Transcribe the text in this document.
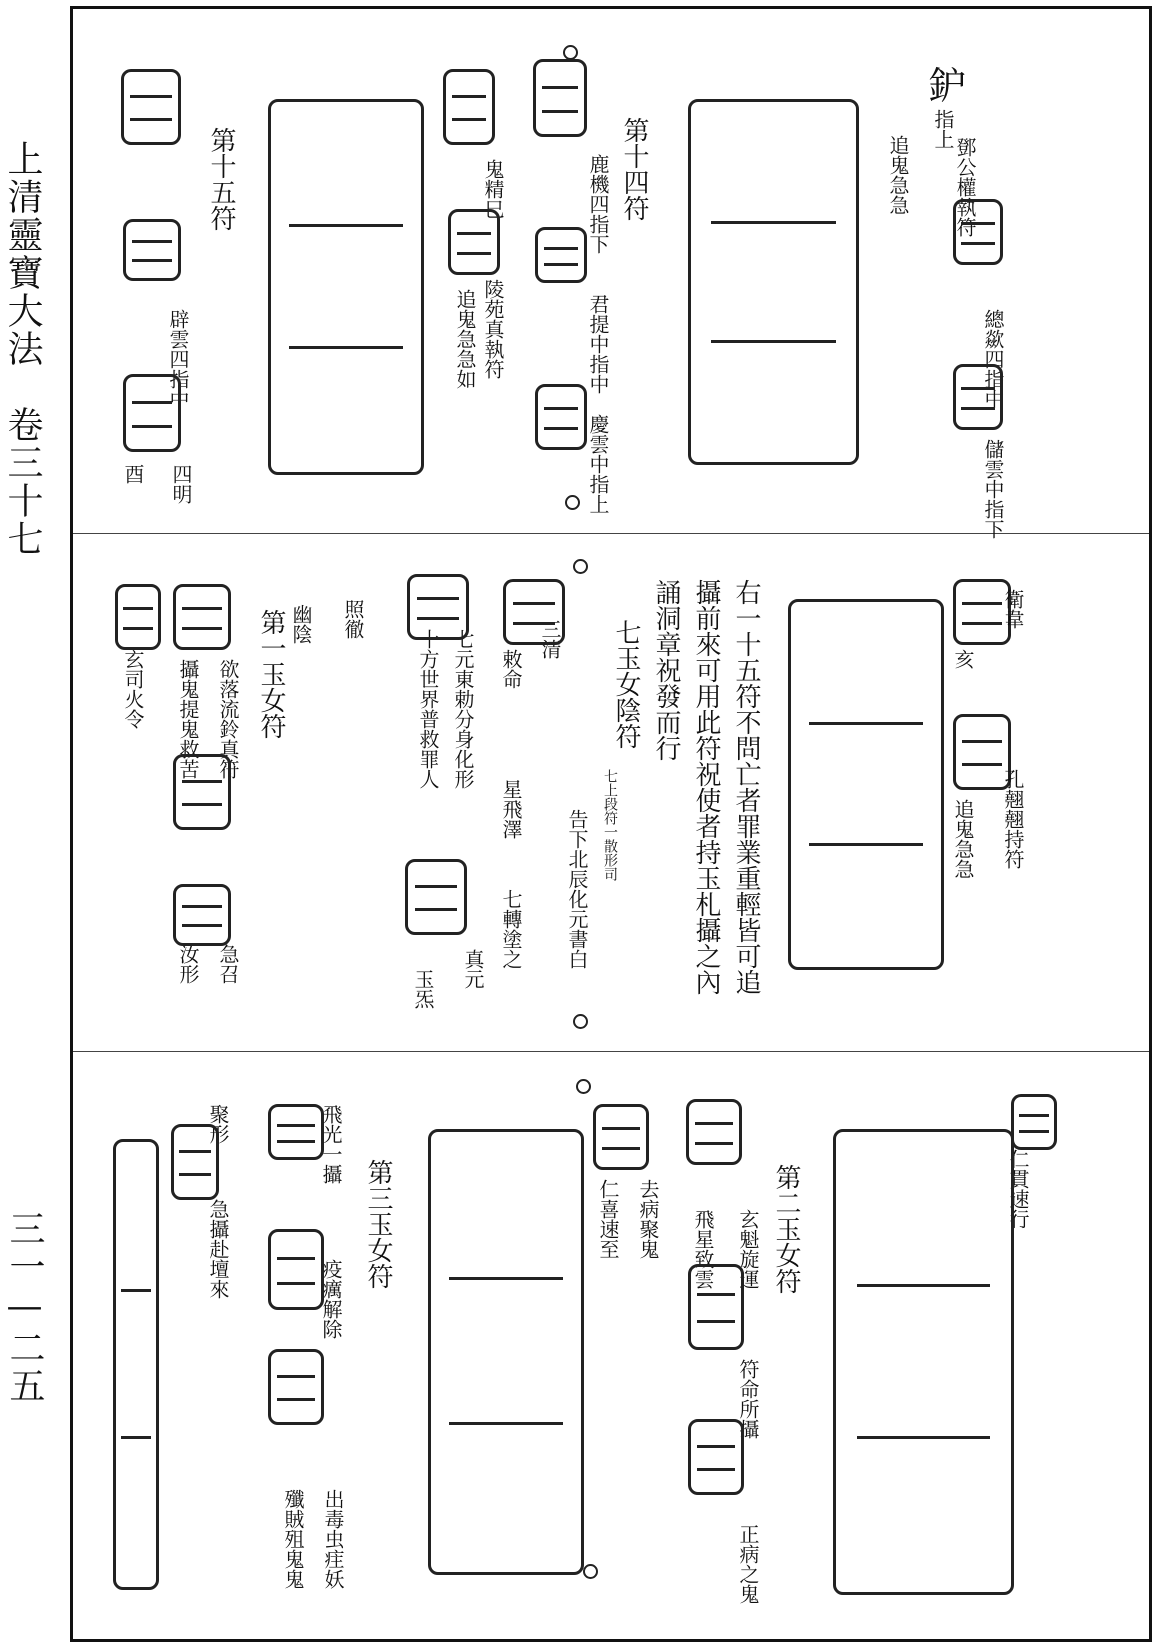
上清靈寶大法　卷三十七
三一—二五
鈩
鄧公權執符
追鬼急急
指上
總歘四指中
儲雲中指下
第十四符
鹿機四指下
君提中指中
慶雲中指上
鬼精巳
陵苑真執符
追鬼急急如
第十五符
辟雲四指中
酉 四明
衛韋
孔翹翹持符
追鬼急急
亥
右一十五符不問亡者罪業重輕皆可追
攝前來可用此符祝使者持玉札攝之內
誦洞章祝發而行
七玉女陰符
七上段符一散形司
三清
敕命
告下北辰化元書白
星飛澤
七轉塗之
七元東勅分身化形
十方世界普救罪人
真元
玉炁
照徹
幽陰
第一玉女符
欲落流鈴真符
攝鬼提鬼救苦
急召
汝形
玄司火令
仁貫速行
第二玉女符
玄魁旋運
飛星致雲
符命所攝
正病之鬼
去病聚鬼
仁喜速至
第三玉女符
飛光一攝
疫癘解除
出毒虫疰妖
殲賊殂鬼鬼
聚形
急攝赴壇來
